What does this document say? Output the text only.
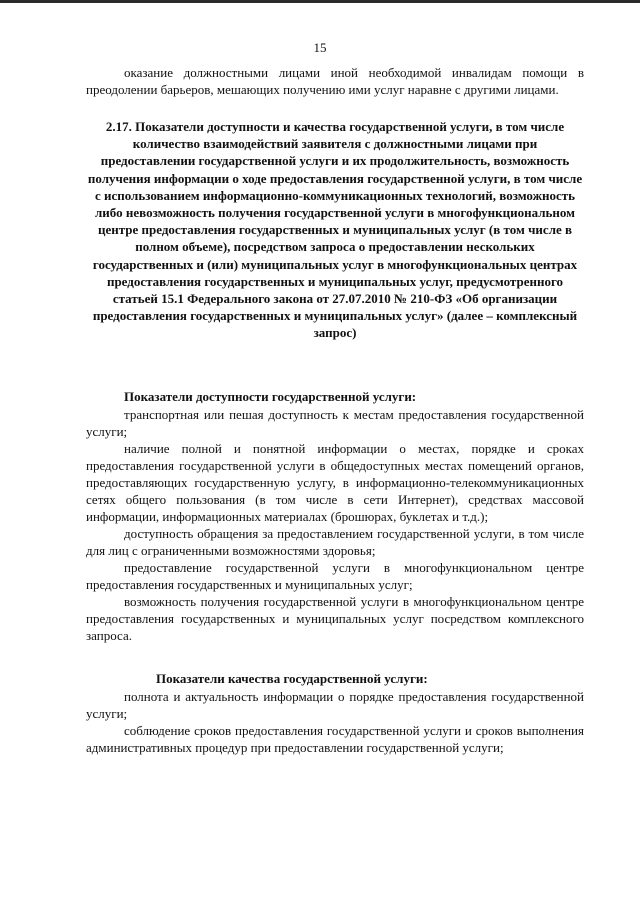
15

оказание должностными лицами иной необходимой инвалидам помощи в преодолении барьеров, мешающих получению ими услуг наравне с другими лицами.

2.17. Показатели доступности и качества государственной услуги, в том числе количество взаимодействий заявителя с должностными лицами при предоставлении государственной услуги и их продолжительность, возможность получения информации о ходе предоставления государственной услуги, в том числе с использованием информационно-коммуникационных технологий, возможность либо невозможность получения государственной услуги в многофункциональном центре предоставления государственных и муниципальных услуг (в том числе в полном объеме), посредством запроса о предоставлении нескольких государственных и (или) муниципальных услуг в многофункциональных центрах предоставления государственных и муниципальных услуг, предусмотренного статьей 15.1 Федерального закона от 27.07.2010 № 210-ФЗ «Об организации предоставления государственных и муниципальных услуг» (далее – комплексный запрос)

Показатели доступности государственной услуги:

транспортная или пешая доступность к местам предоставления государственной услуги;

наличие полной и понятной информации о местах, порядке и сроках предоставления государственной услуги в общедоступных местах помещений органов, предоставляющих государственную услугу, в информационно-телекоммуникационных сетях общего пользования (в том числе в сети Интернет), средствах массовой информации, информационных материалах (брошюрах, буклетах и т.д.);

доступность обращения за предоставлением государственной услуги, в том числе для лиц с ограниченными возможностями здоровья;

предоставление государственной услуги в многофункциональном центре предоставления государственных и муниципальных услуг;

возможность получения государственной услуги в многофункциональном центре предоставления государственных и муниципальных услуг посредством комплексного запроса.

Показатели качества государственной услуги:

полнота и актуальность информации о порядке предоставления государственной услуги;

соблюдение сроков предоставления государственной услуги и сроков выполнения административных процедур при предоставлении государственной услуги;
